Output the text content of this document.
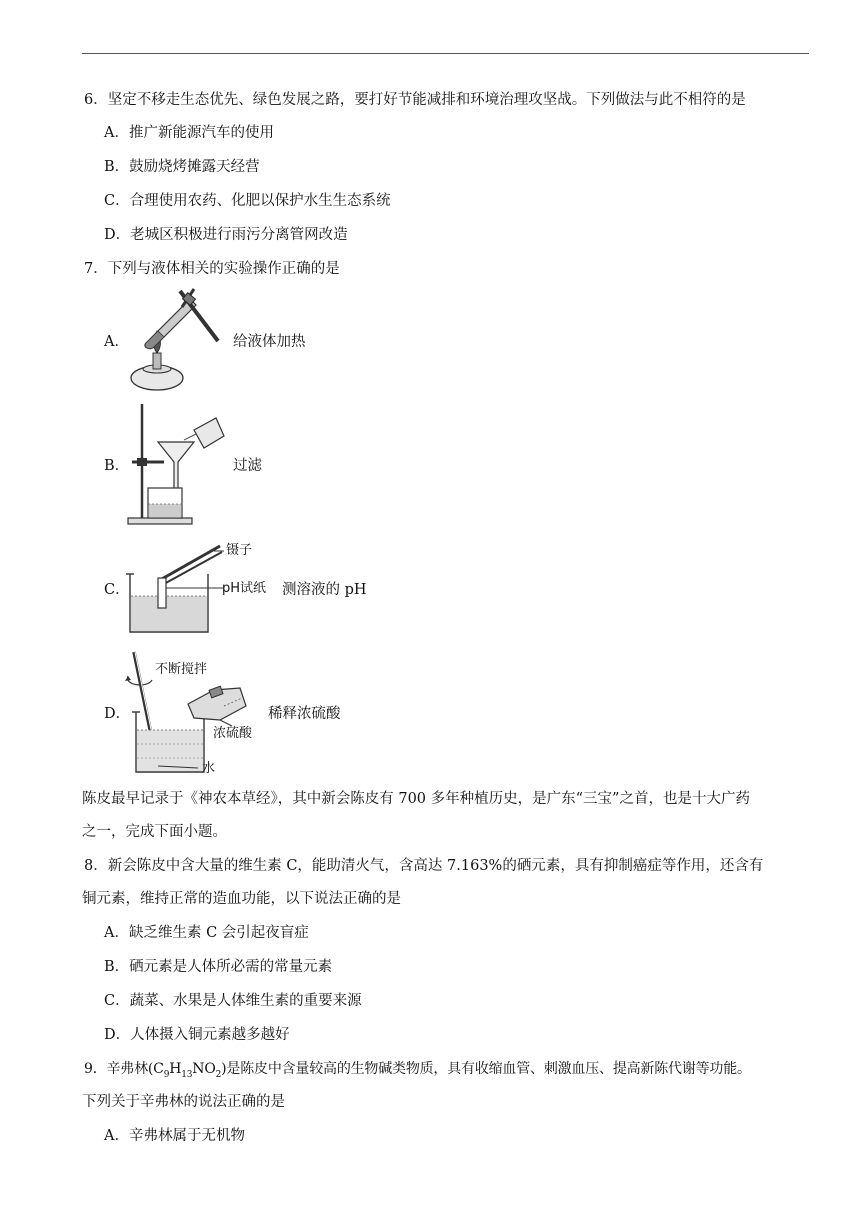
6．坚定不移走生态优先、绿色发展之路，要打好节能减排和环境治理攻坚战。下列做法与此不相符的是
A．推广新能源汽车的使用
B．鼓励烧烤摊露天经营
C．合理使用农药、化肥以保护水生生态系统
D．老城区积极进行雨污分离管网改造
7．下列与液体相关的实验操作正确的是
A．	给液体加热
B．	过滤
C．
镊子
pH试纸 测溶液的 pH
D．
不断搅拌
浓硫酸
水
稀释浓硫酸
陈皮最早记录于《神农本草经》，其中新会陈皮有 700 多年种植历史，是广东“三宝”之首，也是十大广药
之一，完成下面小题。
8．新会陈皮中含大量的维生素 C，能助清火气，含高达 7.163%的硒元素，具有抑制癌症等作用，还含有
铜元素，维持正常的造血功能，以下说法正确的是
A．缺乏维生素 C 会引起夜盲症
B．硒元素是人体所必需的常量元素
C．蔬菜、水果是人体维生素的重要来源
D．人体摄入铜元素越多越好
9．辛弗林$(C_9H_{13}NO_2)$是陈皮中含量较高的生物碱类物质，具有收缩血管、刺激血压、提高新陈代谢等功能。
下列关于辛弗林的说法正确的是
A．辛弗林属于无机物
